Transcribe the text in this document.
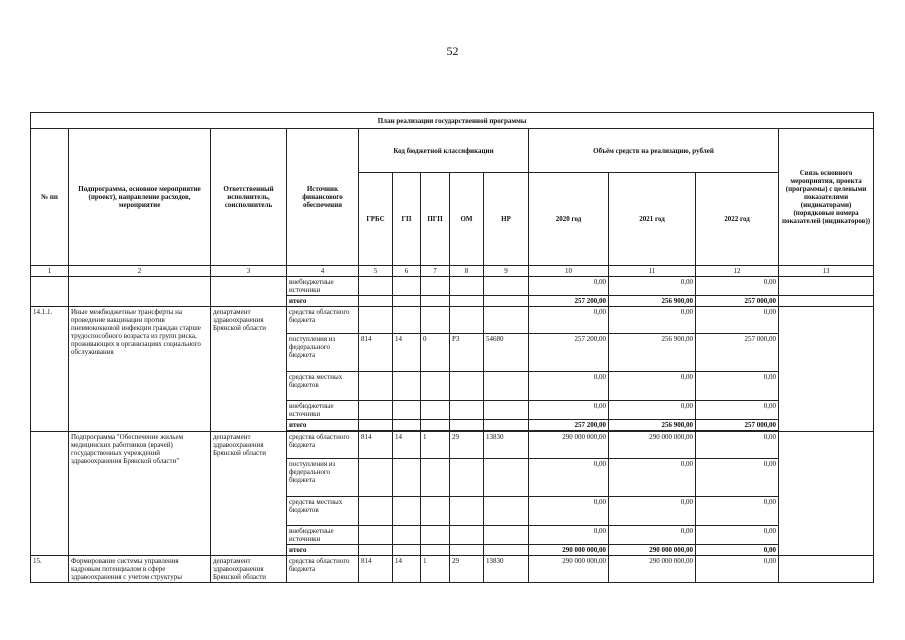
52
План реализации государственной программы												
№ пп	Подпрограмма, основное мероприятие (проект), направление расходов, мероприятие	Ответственный исполнитель, соисполнитель	Источник финансового обеспечения	Код бюджетной классификации					Объём средств на реализацию, рублей			Связь основного мероприятия, проекта (программы) с целевыми показателями (индикаторами) (порядковые номера показателей (индикаторов))
				ГРБС	ГП	ПГП	ОМ	НР	2020 год	2021 год	2022 год	
1	2	3	4	5	6	7	8	9	10	11	12	13
			внебюджетные источники						0,00	0,00	0,00	
			итого						257 200,00	256 900,00	257 000,00	
14.1.1.	Иные межбюджетные трансферты на проведение вакцинации против пневмококковой инфекции граждан старше трудоспособного возраста из групп риска, проживающих в организациях социального обслуживания	департамент здравоохранения Брянской области	средства областного бюджета						0,00	0,00	0,00	
			поступления из федерального бюджета	814	14	0	Р3	54680	257 200,00	256 900,00	257 000,00	
			средства местных бюджетов						0,00	0,00	0,00	
			внебюджетные источники						0,00	0,00	0,00	
			итого						257 200,00	256 900,00	257 000,00	

	Подпрограмма "Обеспечение жильем медицинских работников (врачей) государственных учреждений здравоохранения Брянской области"	департамент здравоохранения Брянской области	средства областного бюджета	814	14	1	29	13830	290 000 000,00	290 000 000,00	0,00	
			поступления из федерального бюджета						0,00	0,00	0,00	
			средства местных бюджетов						0,00	0,00	0,00	
			внебюджетные источники						0,00	0,00	0,00	
			итого						290 000 000,00	290 000 000,00	0,00	
15.	Формирование системы управления кадровым потенциалом в сфере здравоохранения с учетом структуры	департамент здравоохранения Брянской области	средства областного бюджета	814	14	1	29	13830	290 000 000,00	290 000 000,00	0,00	
